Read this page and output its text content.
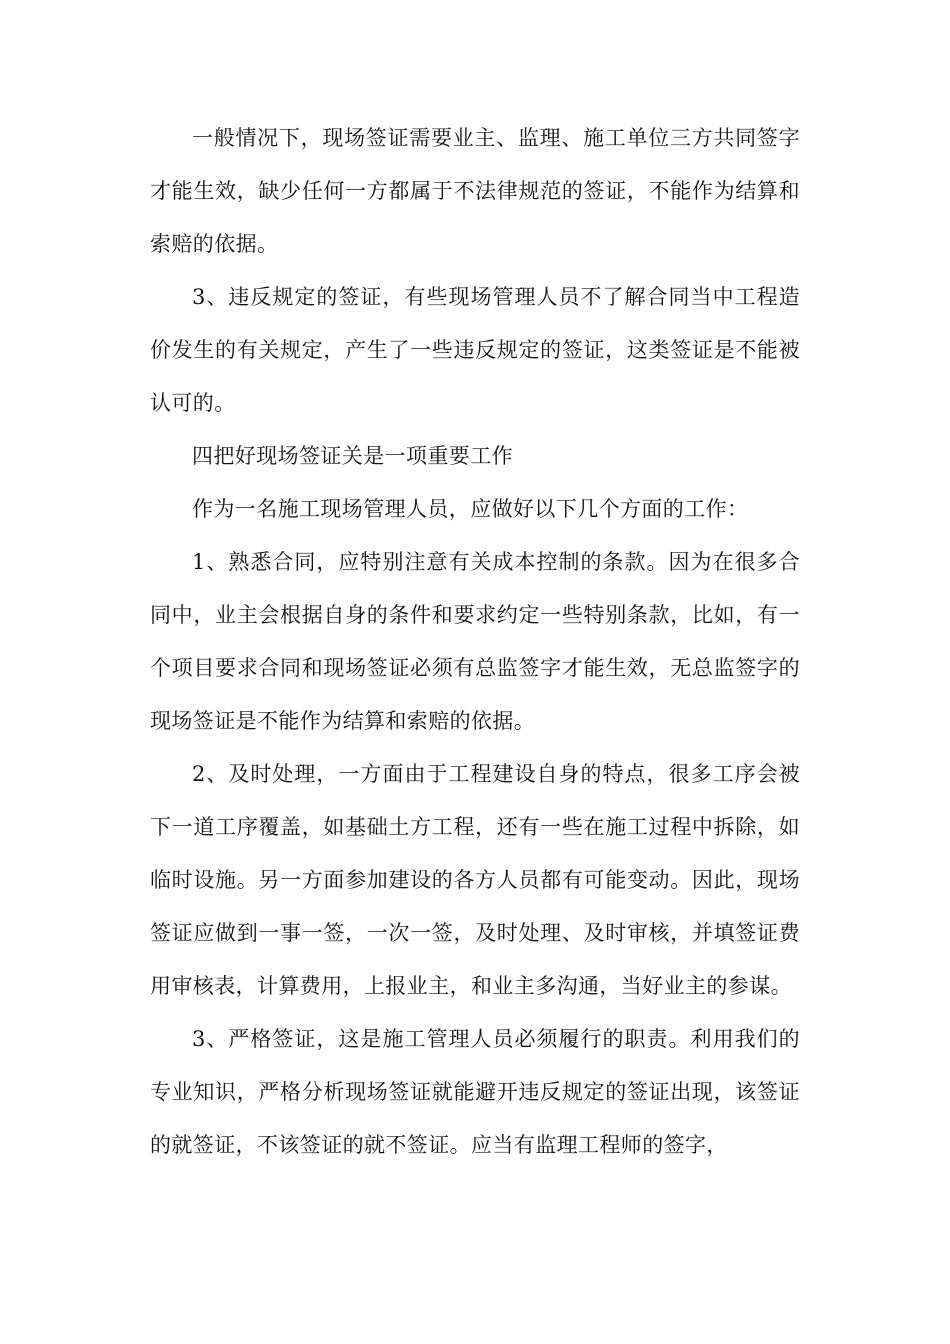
一般情况下，现场签证需要业主、监理、施工单位三方共同签字才能生效，缺少任何一方都属于不法律规范的签证，不能作为结算和索赔的依据。

3、违反规定的签证，有些现场管理人员不了解合同当中工程造价发生的有关规定，产生了一些违反规定的签证，这类签证是不能被认可的。

四把好现场签证关是一项重要工作

作为一名施工现场管理人员，应做好以下几个方面的工作：

1、熟悉合同，应特别注意有关成本控制的条款。因为在很多合同中，业主会根据自身的条件和要求约定一些特别条款，比如，有一个项目要求合同和现场签证必须有总监签字才能生效，无总监签字的现场签证是不能作为结算和索赔的依据。

2、及时处理，一方面由于工程建设自身的特点，很多工序会被下一道工序覆盖，如基础土方工程，还有一些在施工过程中拆除，如临时设施。另一方面参加建设的各方人员都有可能变动。因此，现场签证应做到一事一签，一次一签，及时处理、及时审核，并填签证费用审核表，计算费用，上报业主，和业主多沟通，当好业主的参谋。

3、严格签证，这是施工管理人员必须履行的职责。利用我们的专业知识，严格分析现场签证就能避开违反规定的签证出现，该签证的就签证，不该签证的就不签证。应当有监理工程师的签字，
